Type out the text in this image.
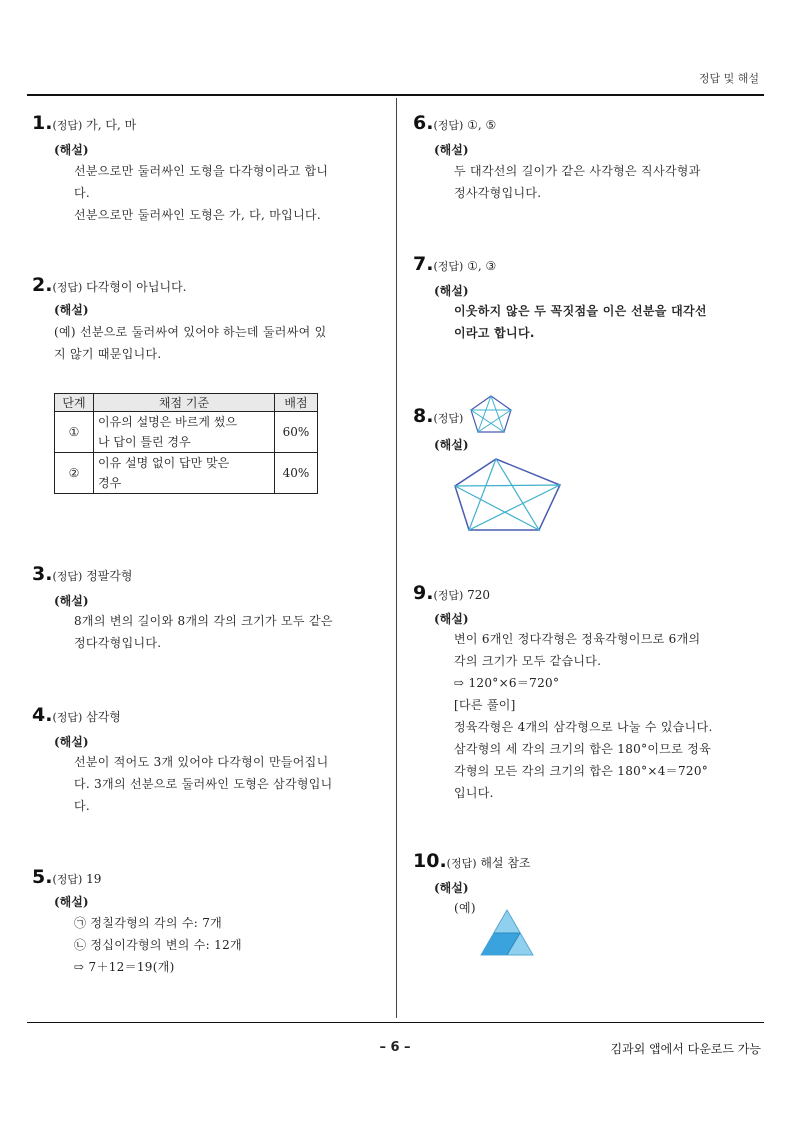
정답 및 해설
1.(정답) 가, 다, 마
(해설)
선분으로만 둘러싸인 도형을 다각형이라고 합니
다.
선분으로만 둘러싸인 도형은 가, 다, 마입니다.
2.(정답) 다각형이 아닙니다.
(해설)
(예) 선분으로 둘러싸여 있어야 하는데 둘러싸여 있
지 않기 때문입니다.
단계	채점 기준	배점
①	이유의 설명은 바르게 썼으
나 답이 틀린 경우	60%
②	이유 설명 없이 답만 맞은
경우	40%
3.(정답) 정팔각형
(해설)
8개의 변의 길이와 8개의 각의 크기가 모두 같은
정다각형입니다.
4.(정답) 삼각형
(해설)
선분이 적어도 3개 있어야 다각형이 만들어집니
다. 3개의 선분으로 둘러싸인 도형은 삼각형입니
다.
5.(정답) 19
(해설)
㉠ 정칠각형의 각의 수: 7개
㉡ 정십이각형의 변의 수: 12개
⇨ 7＋12＝19(개)
6.(정답) ①, ⑤
(해설)
두 대각선의 길이가 같은 사각형은 직사각형과
정사각형입니다.
7.(정답) ①, ③
(해설)
이웃하지 않은 두 꼭짓점을 이은 선분을 대각선
이라고 합니다.
8.(정답)
(해설)
9.(정답) 720
(해설)
변이 6개인 정다각형은 정육각형이므로 6개의
각의 크기가 모두 같습니다.
⇨ 120°×6＝720°
[다른 풀이]
정육각형은 4개의 삼각형으로 나눌 수 있습니다.
삼각형의 세 각의 크기의 합은 180°이므로 정육
각형의 모든 각의 크기의 합은 180°×4＝720°
입니다.
10.(정답) 해설 참조
(해설)
(예)
– 6 –	김과외 앱에서 다운로드 가능
